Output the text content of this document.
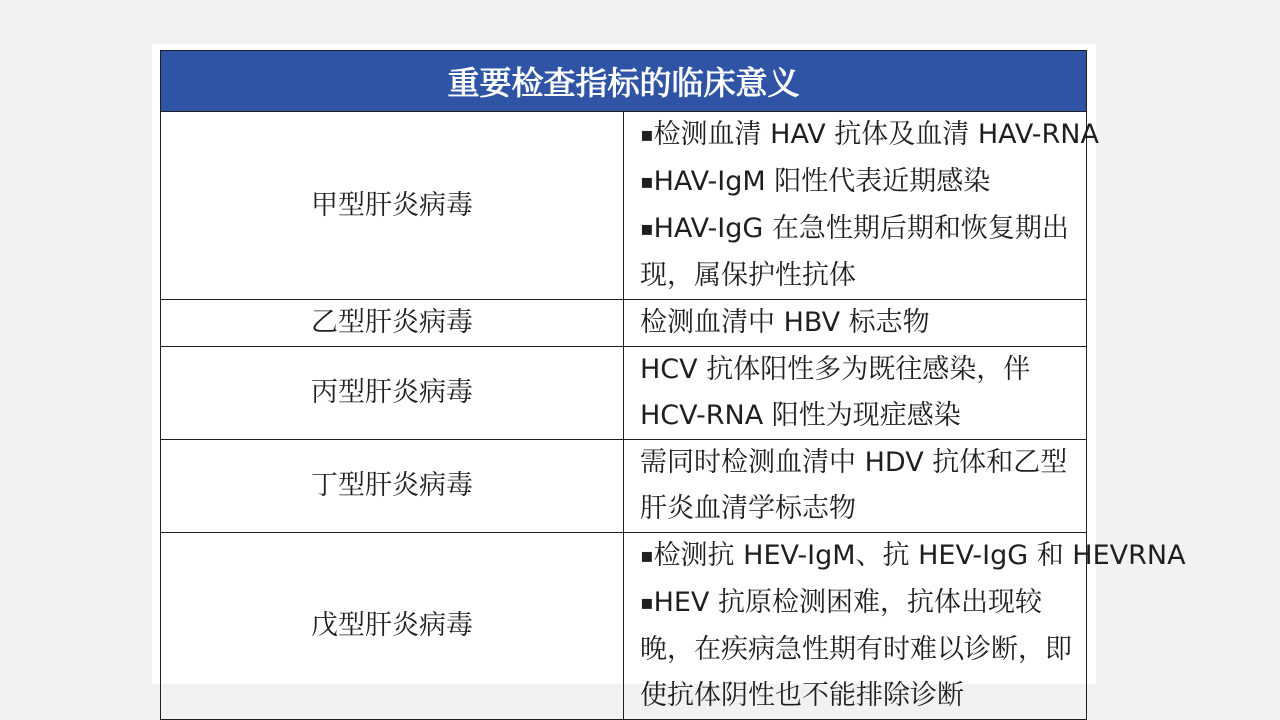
重要检查指标的临床意义	
甲型肝炎病毒	▪ 检测血清 HAV 抗体及血清 HAV-RNA
▪ HAV-IgM 阳性代表近期感染
▪ HAV-IgG 在急性期后期和恢复期出现，属保护性抗体

乙型肝炎病毒	检测血清中 HBV 标志物

丙型肝炎病毒	HCV 抗体阳性多为既往感染，伴 HCV-RNA 阳性为现症感染

丁型肝炎病毒	需同时检测血清中 HDV 抗体和乙型肝炎血清学标志物

戊型肝炎病毒	▪ 检测抗 HEV-IgM、抗 HEV-IgG 和 HEVRNA
▪ HEV 抗原检测困难，抗体出现较晚，在疾病急性期有时难以诊断，即使抗体阴性也不能排除诊断
